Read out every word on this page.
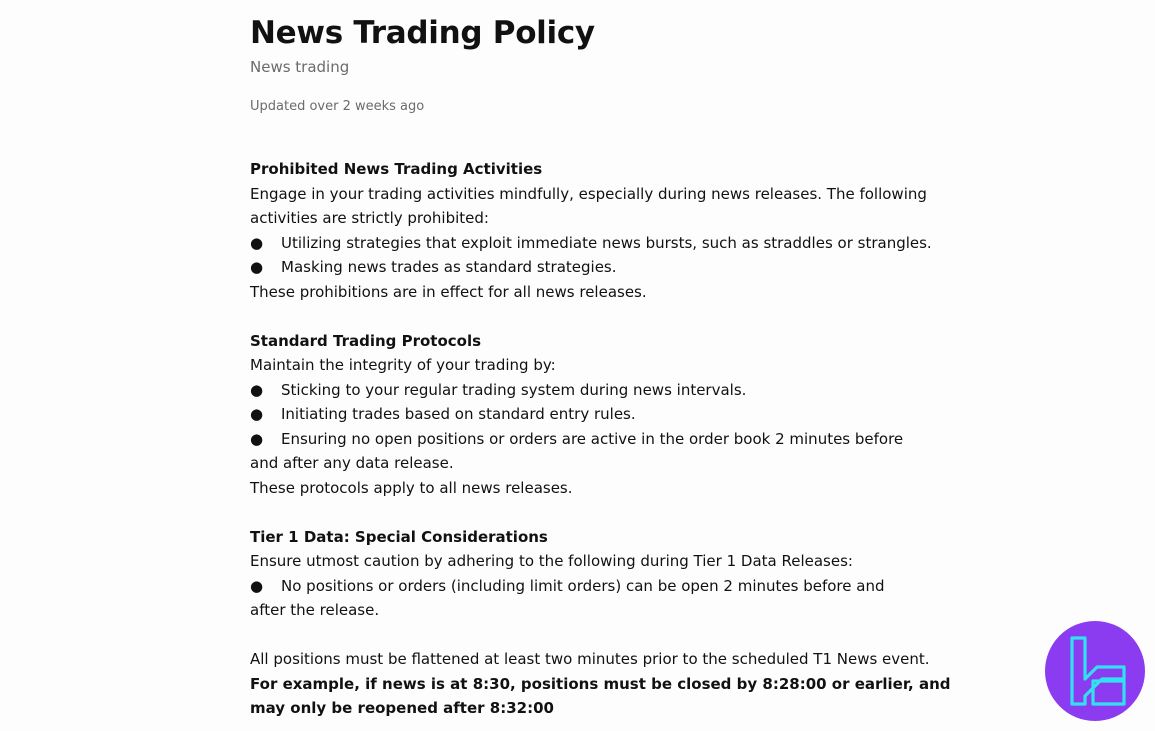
News Trading Policy
News trading
Updated over 2 weeks ago
Prohibited News Trading Activities
Engage in your trading activities mindfully, especially during news releases. The following
activities are strictly prohibited:
● Utilizing strategies that exploit immediate news bursts, such as straddles or strangles.
● Masking news trades as standard strategies.
These prohibitions are in effect for all news releases.
Standard Trading Protocols
Maintain the integrity of your trading by:
● Sticking to your regular trading system during news intervals.
● Initiating trades based on standard entry rules.
● Ensuring no open positions or orders are active in the order book 2 minutes before
and after any data release.
These protocols apply to all news releases.
Tier 1 Data: Special Considerations
Ensure utmost caution by adhering to the following during Tier 1 Data Releases:
● No positions or orders (including limit orders) can be open 2 minutes before and
after the release.
All positions must be flattened at least two minutes prior to the scheduled T1 News event.
For example, if news is at 8:30, positions must be closed by 8:28:00 or earlier, and
may only be reopened after 8:32:00
